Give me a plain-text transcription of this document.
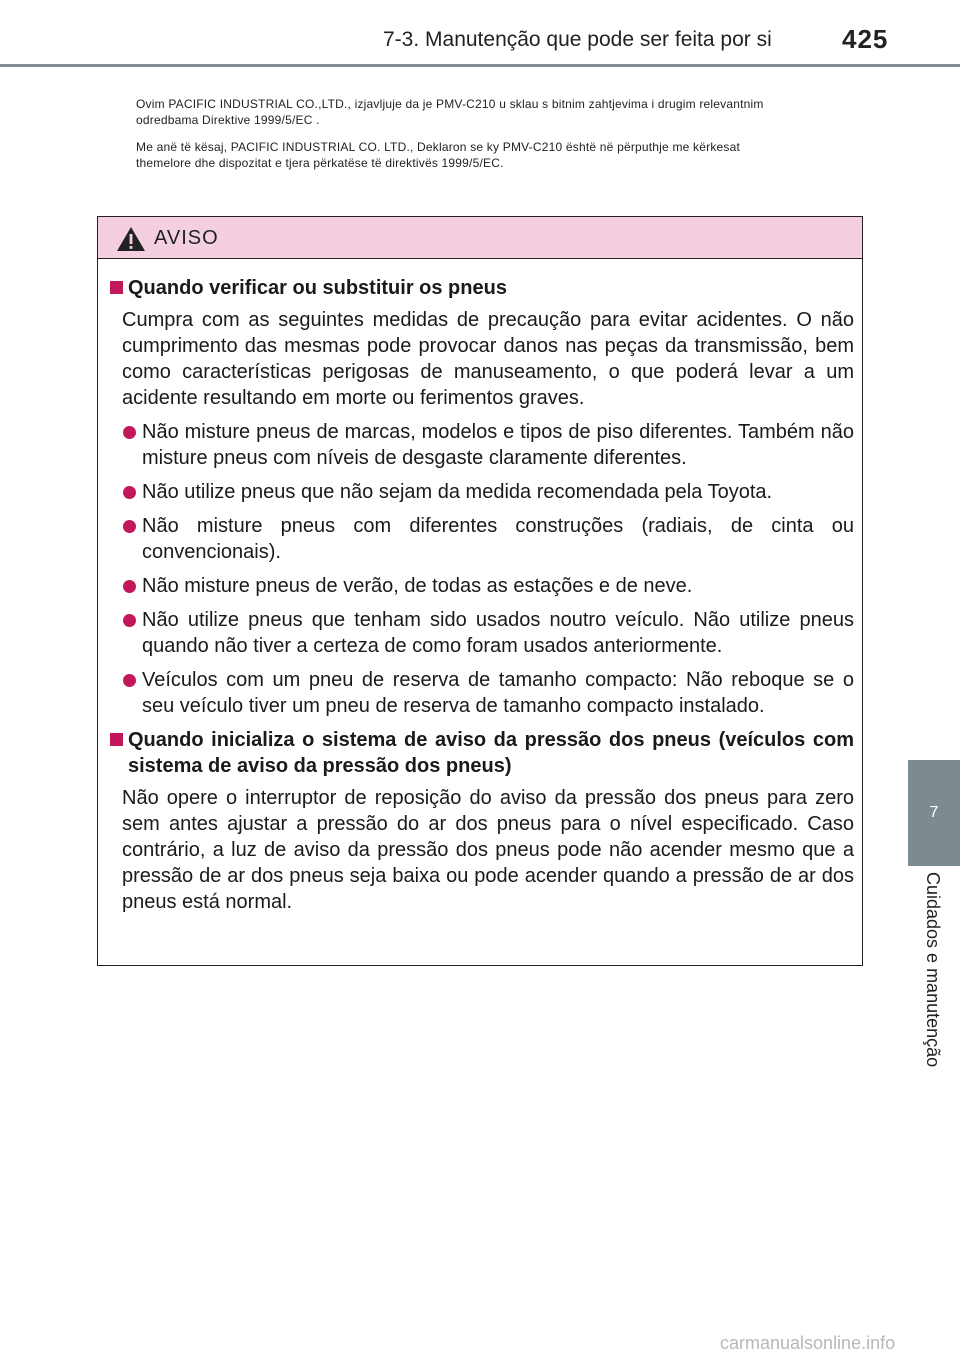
7-3. Manutenção que pode ser feita por si	425
7
Cuidados e manutenção
Ovim PACIFIC INDUSTRIAL CO.,LTD., izjavljuje da je PMV-C210 u sklau s bitnim zahtjevima i drugim relevantnim
odredbama Direktive 1999/5/EC .
Me anë të kësaj, PACIFIC INDUSTRIAL CO. LTD., Deklaron se ky PMV-C210 është në përputhje me kërkesat
themelore dhe dispozitat e tjera përkatëse të direktivës 1999/5/EC.
AVISO
Quando verificar ou substituir os pneus
Cumpra com as seguintes medidas de precaução para evitar acidentes. O não cumprimento das mesmas pode provocar danos nas peças da transmissão, bem como características perigosas de manuseamento, o que poderá levar a um acidente resultando em morte ou ferimentos graves.
Não misture pneus de marcas, modelos e tipos de piso diferentes. Também não misture pneus com níveis de desgaste claramente diferentes.
Não utilize pneus que não sejam da medida recomendada pela Toyota.
Não misture pneus com diferentes construções (radiais, de cinta ou convencionais).
Não misture pneus de verão, de todas as estações e de neve.
Não utilize pneus que tenham sido usados noutro veículo. Não utilize pneus quando não tiver a certeza de como foram usados anteriormente.
Veículos com um pneu de reserva de tamanho compacto: Não reboque se o seu veículo tiver um pneu de reserva de tamanho compacto instalado.
Quando inicializa o sistema de aviso da pressão dos pneus (veículos com sistema de aviso da pressão dos pneus)
Não opere o interruptor de reposição do aviso da pressão dos pneus para zero sem antes ajustar a pressão do ar dos pneus para o nível especificado. Caso contrário, a luz de aviso da pressão dos pneus pode não acender mesmo que a pressão de ar dos pneus seja baixa ou pode acender quando a pressão de ar dos pneus está normal.
carmanualsonline.info
